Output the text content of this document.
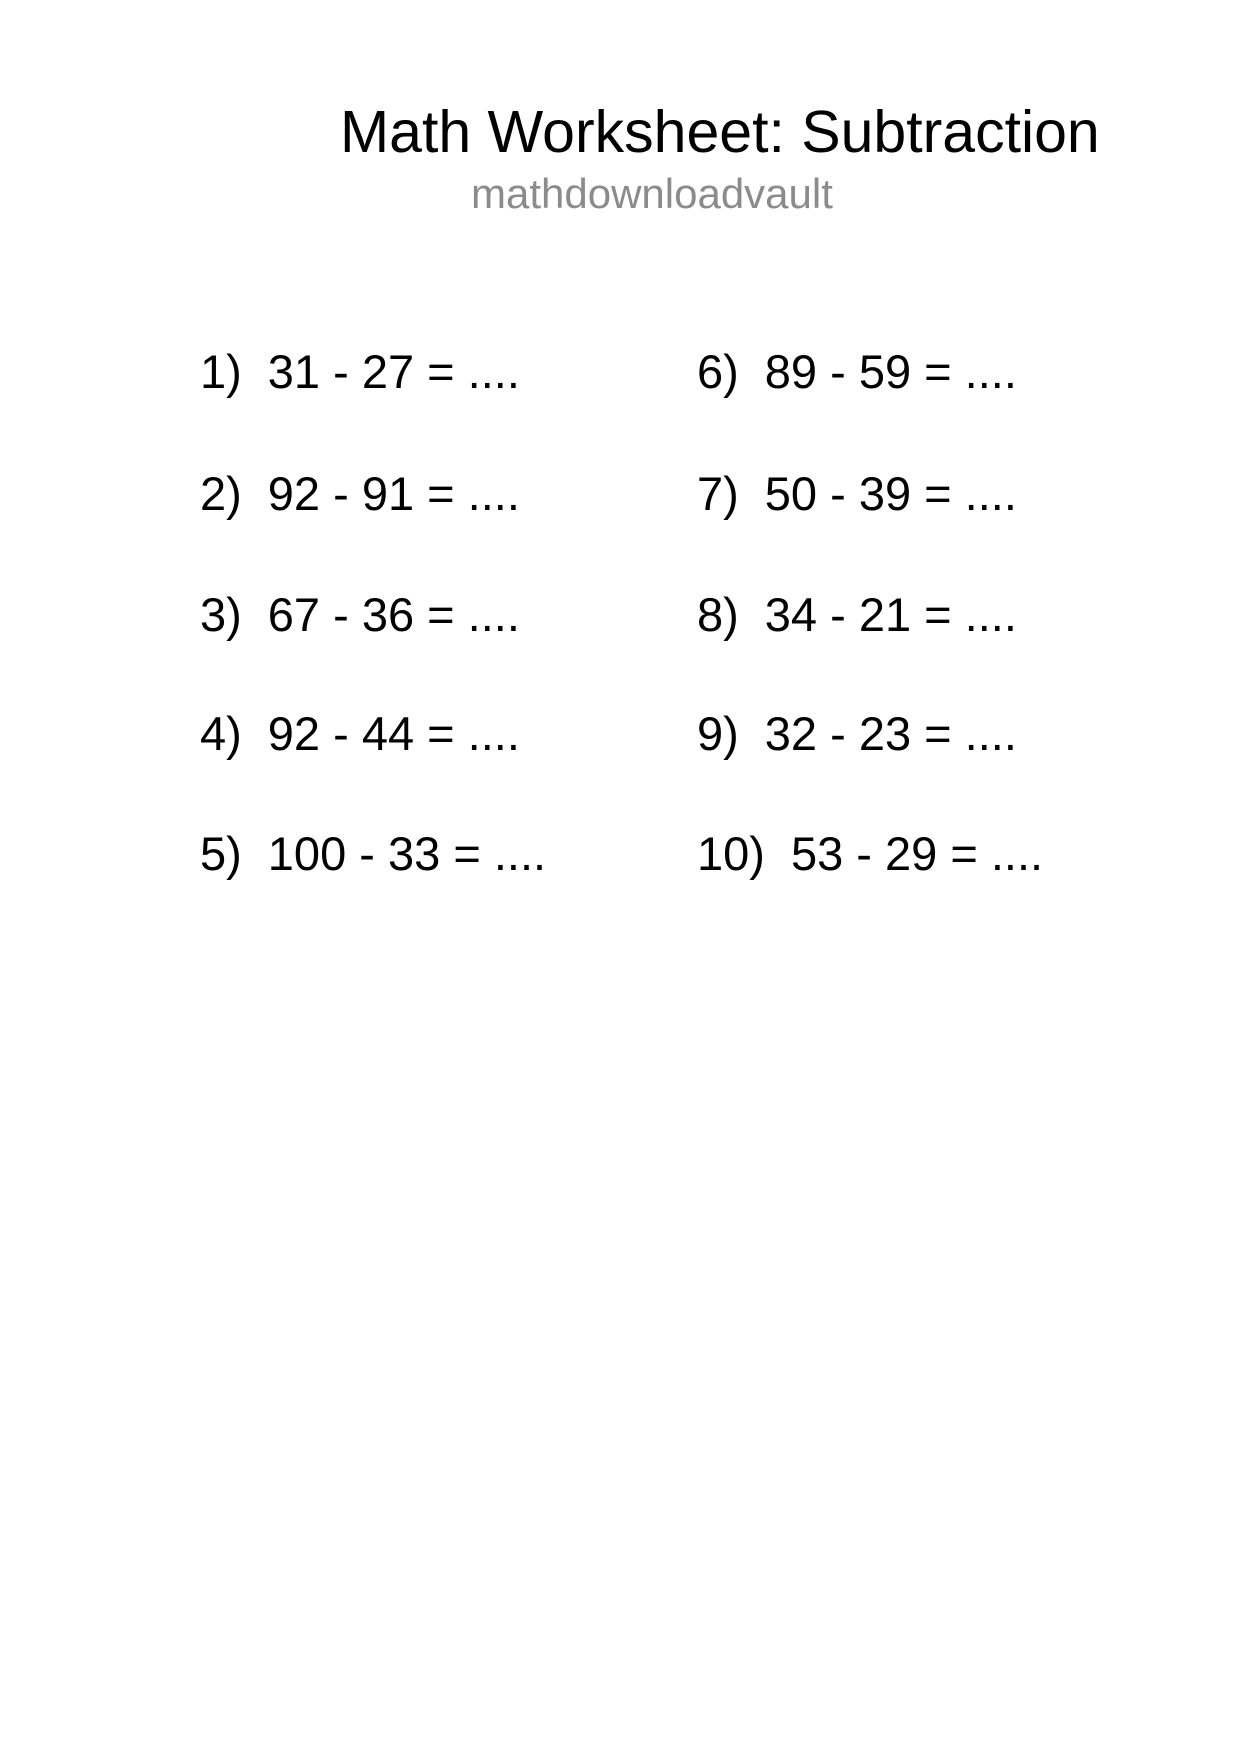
Math Worksheet: Subtraction
mathdownloadvault
1) 31 - 27 = ....
2) 92 - 91 = ....
3) 67 - 36 = ....
4) 92 - 44 = ....
5) 100 - 33 = ....
6) 89 - 59 = ....
7) 50 - 39 = ....
8) 34 - 21 = ....
9) 32 - 23 = ....
10) 53 - 29 = ....
